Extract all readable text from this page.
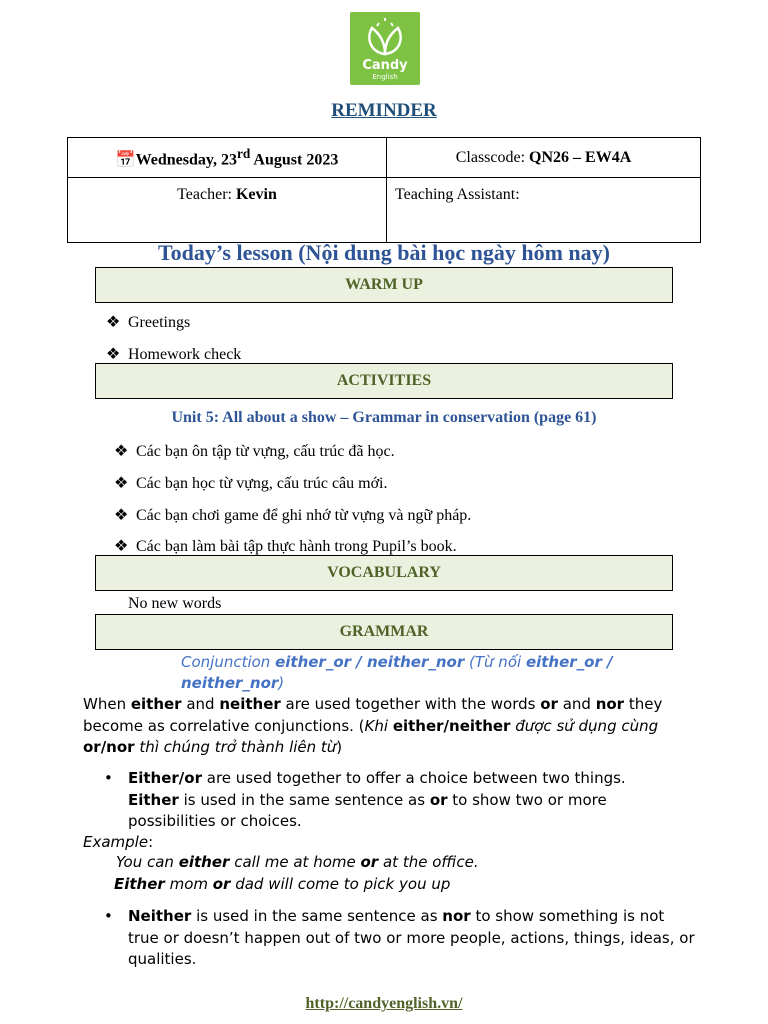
Candy
English
REMINDER
📅Wednesday, 23rd August 2023	Classcode: QN26 – EW4A
Teacher: Kevin	Teaching Assistant:
Today’s lesson (Nội dung bài học ngày hôm nay)
WARM UP
❖ Greetings
❖ Homework check
ACTIVITIES
Unit 5: All about a show – Grammar in conservation (page 61)
❖ Các bạn ôn tập từ vựng, cấu trúc đã học.
❖ Các bạn học từ vựng, cấu trúc câu mới.
❖ Các bạn chơi game để ghi nhớ từ vựng và ngữ pháp.
❖ Các bạn làm bài tập thực hành trong Pupil’s book.
VOCABULARY
No new words
GRAMMAR
Conjunction either_or / neither_nor (Từ nối either_or / neither_nor)
When either and neither are used together with the words or and nor they become as correlative conjunctions. (Khi either/neither được sử dụng cùng or/nor thì chúng trở thành liên từ)
• Either/or are used together to offer a choice between two things.
Either is used in the same sentence as or to show two or more possibilities or choices.
Example:
You can either call me at home or at the office.
Either mom or dad will come to pick you up
• Neither is used in the same sentence as nor to show something is not true or doesn’t happen out of two or more people, actions, things, ideas, or qualities.
http://candyenglish.vn/
